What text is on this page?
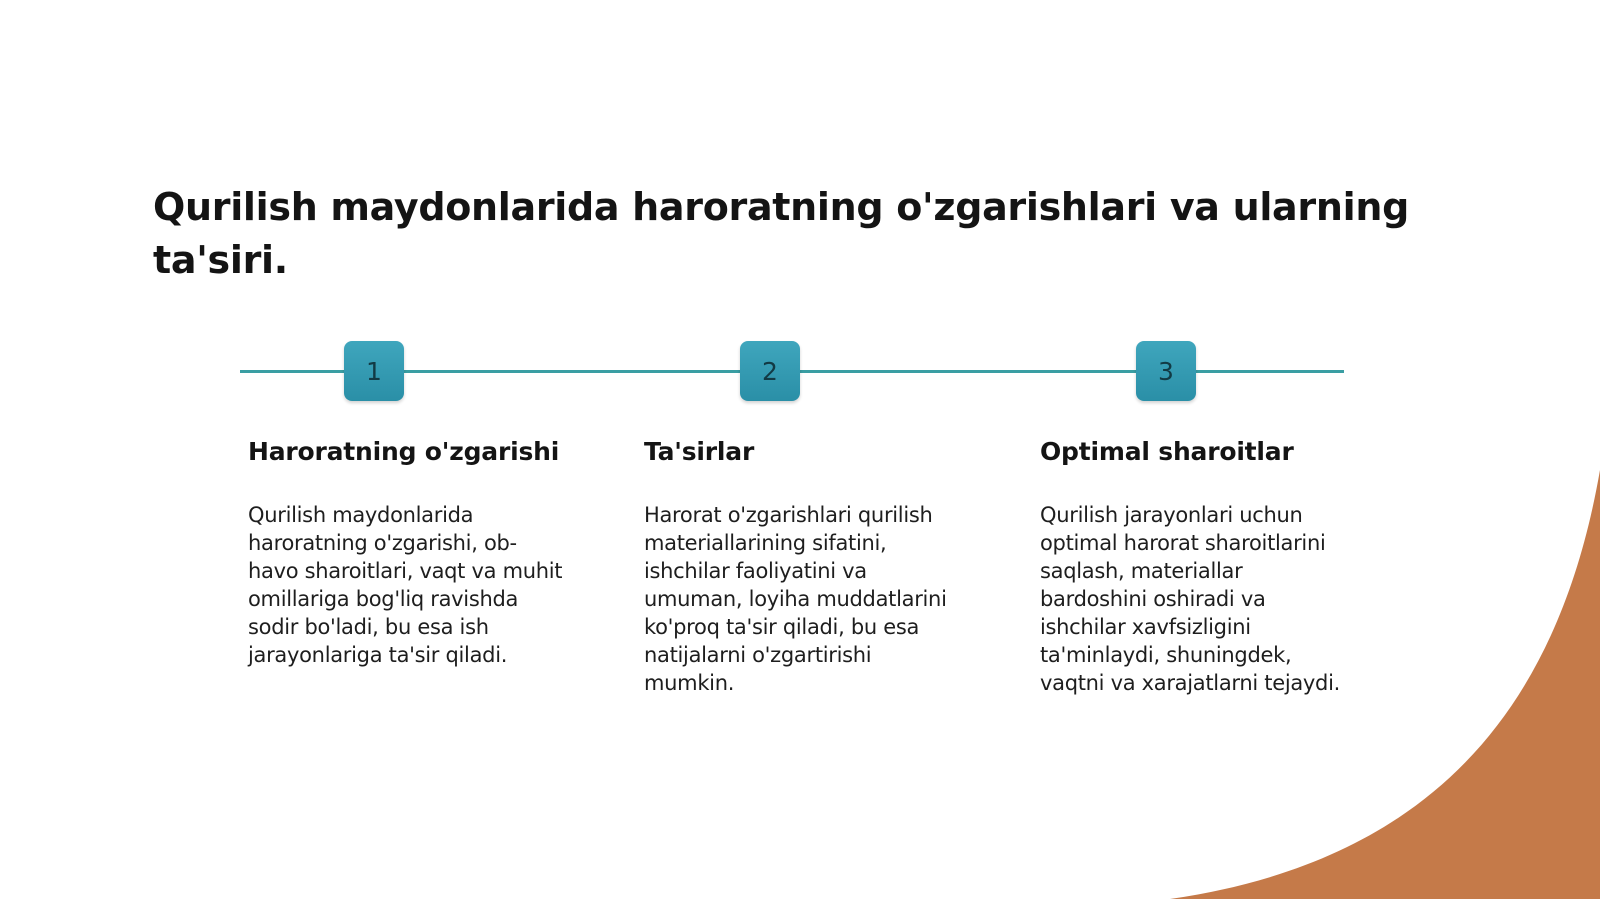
Qurilish maydonlarida haroratning o'zgarishlari va ularning ta'siri.
1	2	3
Haroratning o'zgarishi

Qurilish maydonlarida
haroratning o'zgarishi, ob-
havo sharoitlari, vaqt va muhit
omillariga bog'liq ravishda
sodir bo'ladi, bu esa ish
jarayonlariga ta'sir qiladi.

Ta'sirlar

Harorat o'zgarishlari qurilish
materiallarining sifatini,
ishchilar faoliyatini va
umuman, loyiha muddatlarini
ko'proq ta'sir qiladi, bu esa
natijalarni o'zgartirishi
mumkin.

Optimal sharoitlar

Qurilish jarayonlari uchun
optimal harorat sharoitlarini
saqlash, materiallar
bardoshini oshiradi va
ishchilar xavfsizligini
ta'minlaydi, shuningdek,
vaqtni va xarajatlarni tejaydi.
